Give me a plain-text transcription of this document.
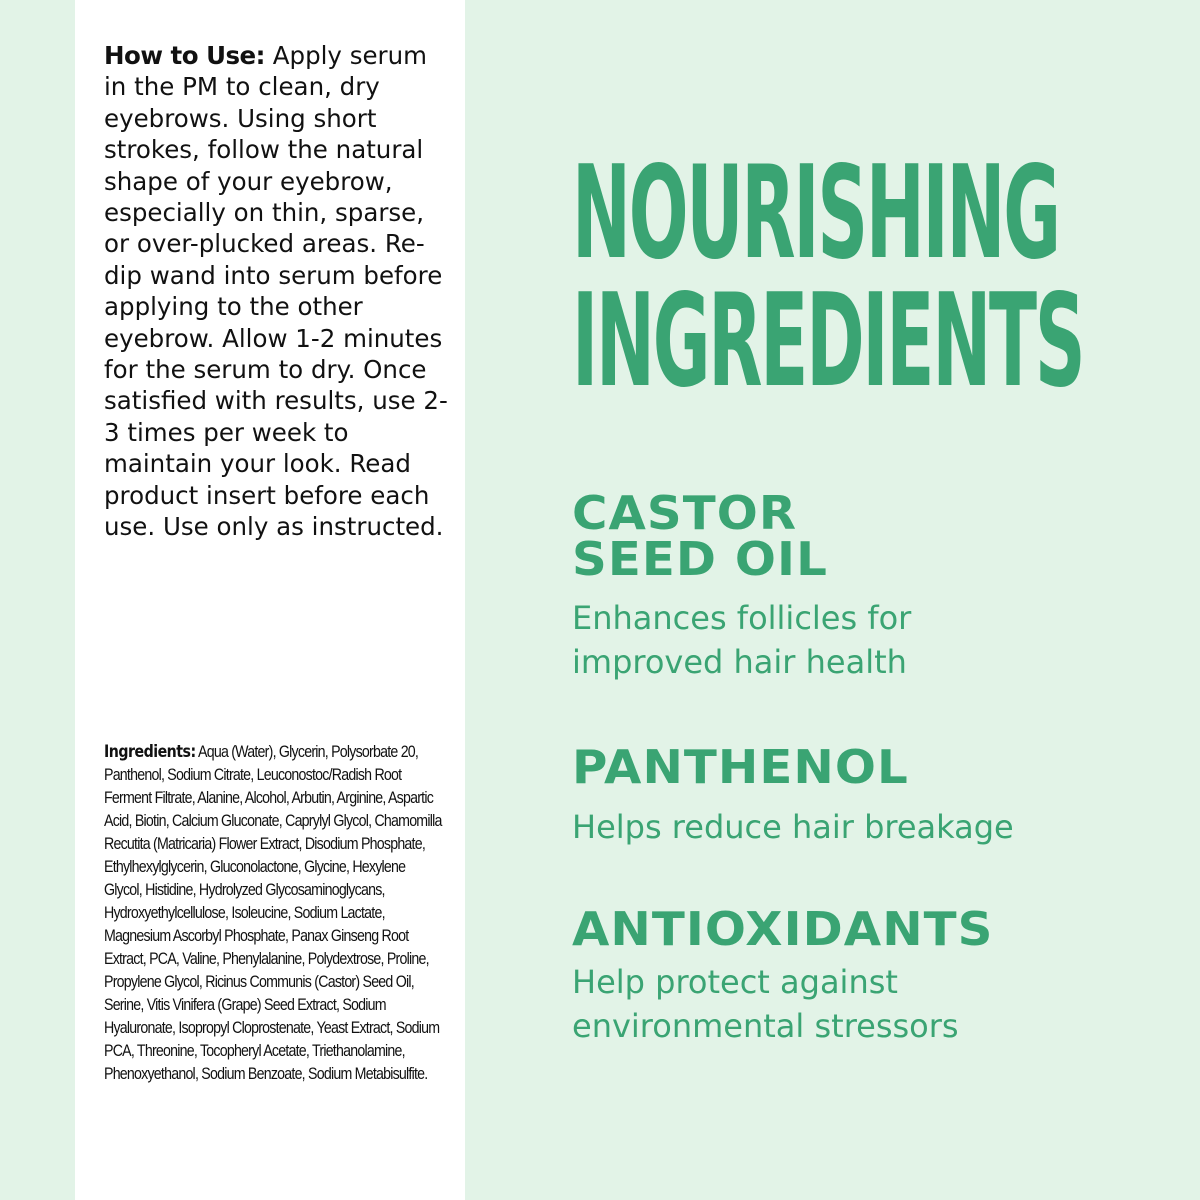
How to Use: Apply serum in the PM to clean, dry eyebrows. Using short strokes, follow the natural shape of your eyebrow, especially on thin, sparse, or over-plucked areas. Re-dip wand into serum before applying to the other eyebrow. Allow 1-2 minutes for the serum to dry. Once satisfied with results, use 2-3 times per week to maintain your look. Read product insert before each use. Use only as instructed.

Ingredients: Aqua (Water), Glycerin, Polysorbate 20, Panthenol, Sodium Citrate, Leuconostoc/Radish Root Ferment Filtrate, Alanine, Alcohol, Arbutin, Arginine, Aspartic Acid, Biotin, Calcium Gluconate, Caprylyl Glycol, Chamomilla Recutita (Matricaria) Flower Extract, Disodium Phosphate, Ethylhexylglycerin, Gluconolactone, Glycine, Hexylene Glycol, Histidine, Hydrolyzed Glycosaminoglycans, Hydroxyethylcellulose, Isoleucine, Sodium Lactate, Magnesium Ascorbyl Phosphate, Panax Ginseng Root Extract, PCA, Valine, Phenylalanine, Polydextrose, Proline, Propylene Glycol, Ricinus Communis (Castor) Seed Oil, Serine, Vitis Vinifera (Grape) Seed Extract, Sodium Hyaluronate, Isopropyl Cloprostenate, Yeast Extract, Sodium PCA, Threonine, Tocopheryl Acetate, Triethanolamine, Phenoxyethanol, Sodium Benzoate, Sodium Metabisulfite.

NOURISHING
INGREDIENTS
CASTOR
SEED OIL

Enhances follicles for
improved hair health

PANTHENOL

Helps reduce hair breakage

ANTIOXIDANTS

Help protect against
environmental stressors
